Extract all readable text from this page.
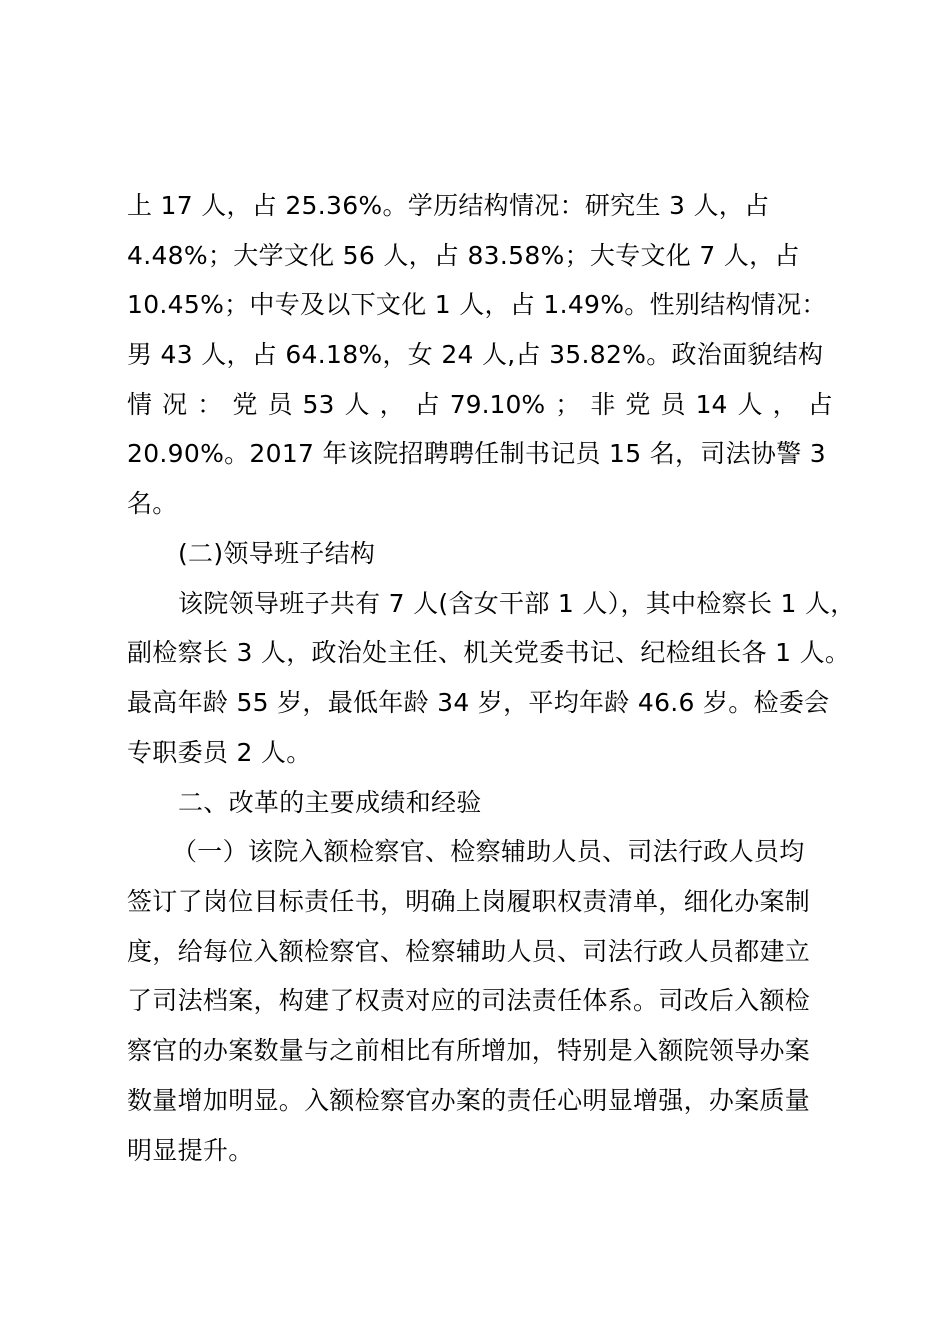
上 17 人，占 25.36%。学历结构情况：研究生 3 人，占
4.48%；大学文化 56 人，占 83.58%；大专文化 7 人，占
10.45%；中专及以下文化 1 人，占 1.49%。性别结构情况：
男 43 人，占 64.18%，女 24 人,占 35.82%。政治面貌结构
情 况 ： 党 员 53 人 ， 占 79.10% ； 非 党 员 14 人 ， 占
20.90%。2017 年该院招聘聘任制书记员 15 名，司法协警 3
名。
(二)领导班子结构
该院领导班子共有 7 人(含女干部 1 人），其中检察长 1 人，
副检察长 3 人，政治处主任、机关党委书记、纪检组长各 1 人。
最高年龄 55 岁，最低年龄 34 岁，平均年龄 46.6 岁。检委会
专职委员 2 人。
二、改革的主要成绩和经验
（一）该院入额检察官、检察辅助人员、司法行政人员均
签订了岗位目标责任书，明确上岗履职权责清单，细化办案制
度，给每位入额检察官、检察辅助人员、司法行政人员都建立
了司法档案，构建了权责对应的司法责任体系。司改后入额检
察官的办案数量与之前相比有所增加，特别是入额院领导办案
数量增加明显。入额检察官办案的责任心明显增强，办案质量
明显提升。
